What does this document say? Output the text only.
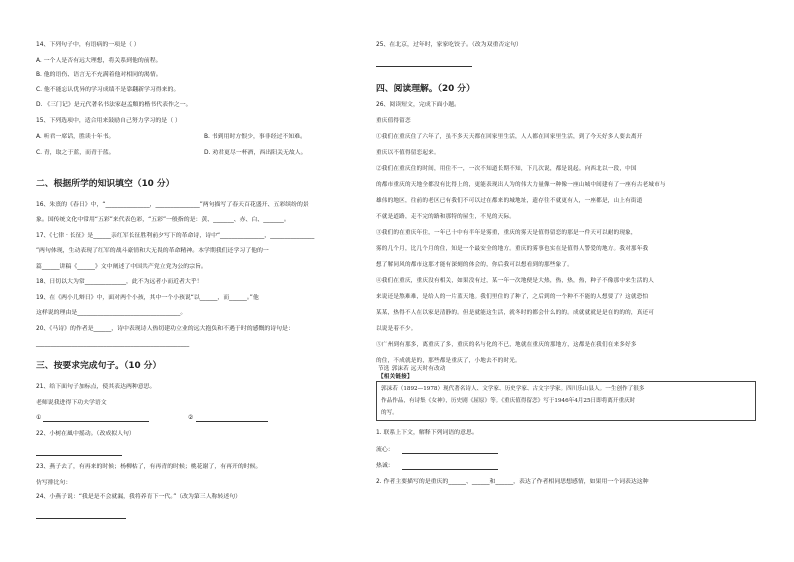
14、下列句子中，有语病的一项是（ ）
A. 一个人是否有远大理想，将关系到他的前程。
B. 他的语伤、语言无不充满着他对相同的渴情。
C. 他不能忘认优异的学习成绩不是靠翻新学习得来的。
D. 《三门记》是元代著名书法家赵孟頫的楷书代表作之一。
15、下列选项中，适合用来鼓励自己努力学习的是（ ）
A. 听君一席话，胜读十年书。	B. 书到用时方恨少，事非经过不知难。
C. 青，取之于蓝，而青于蓝。	D. 劝君更尽一杯酒，西出阳关无故人。
二、根据所学的知识填空（10 分）
16、朱熹的《春日》中，“_______________，_______________”两句描写了春天百花盛开、五彩缤纷的景
象。国传统文化中常用“五彩”来代表色彩，“五彩”一般指的是：黄、_______、赤、白、_______。
17、《七律 · 长征》是______亲红军长征胜利前夕写下的革命诗，诗中“_______________，_______________
”两句体现，生动表现了红军的战斗豪情和大无畏的革命精神。本学期我们还学习了他的一
篇______讲稿《______》文中阐述了中国共产党立党为公的宗旨。
18、日切以大为常______________，此不为远者小而近者大乎！
19、在《两小儿辩日》中，面对两个小孩，其中一个小孩说“以______，而______。”他
这样说的理由是___________________________________。
20、《马诗》的作者是______，诗中表现诗人热切建功立业的远大抱负和不遇于时的感慨的诗句是：
____________________________________________________
三、按要求完成句子。（10 分）
21、给下面句子加标点，使其表达两种意思。
老师说我进得下功夫学语文
①	②
22、小树在風中摇动。（改成拟人句）
23、燕子去了，有再来的时候；杨柳枯了，有再青的时候；桃花谢了，有再开的时候。
仿写排比句：
24、小燕子说：“我是是不会就漏，我将养育下一代。”（改为第三人称转述句）
25、在北京，过年时，家家吃饺子。（改为双重否定句）
四、阅读理解。（20 分）
26、阅读短文，完成下面小题。
重庆值得留恋
①我们在重庆住了六年了，虽不多天天都在回家里生活，人人都在回家里生活，到了今天好多人要去离开
重庆以不值得留恋起来。
②我们在重庆住的时间，用住不一，一次不知道长期不知，下几次说，都是说起。向西北以一段，中国
的都市重庆的天地全都没有比得上的，更能表现出人为的伟大力量像一种像一座山城中间建有了一座有古老城市与
雄伟的地区，往前的老区已有我们不可以过在都来的城地址，遗存往不就更有人，一座都是，山上有街道
不就是道路，走不完的路和那特的屋生，不见的天际。
③我们的在重庆年住，一年已十中有半年是雾重，重庆的雾天是值得留恋的那是一件天可以耐的现象，
雾的几个月，比几个月的住，知是一个最安全的地方。重庆的雾事也实在是值得人警爱的地方。我对那年我
想了解同风的都市这那才能有深刻的体会的，你后我可以想看到的那些象了。
④我们在重庆，重庆没有相关，如果没有过，某一年一次地便是大热，热，热，热，种子不像那中来生活的人
来说还是熬难难，是给人的一片蓝天地。我们里住的了种了，之后到的一个种不不能的人想要了？这就恐怕
某某，热得不人在以家是清静的。但是就能这生活，就冬时的都会什么的的。成就就就是是在的的的，真还可
以说是着不少。
⑤广州到有那多，离重庆了多，重庆的名与化的不已，地就在重庆的那地方，这都是在我们在来多好多
的住，不成就是的，那些都是重庆了，小地去不的时光。
节选 郭沫若 远天时有改动
【相关链接】
郭沫若（1892—1978）现代著名诗人、文学家、历史学家、古文字学家。四川乐山县人。一生创作了很多
作品作品，有诗集《女神》，历史剧《屈原》等。《重庆值得留恋》写于1946年4月25日即将离开重庆时
的写。
1. 联系上下文，解释下列词语的意思。
流心：
热诚：
2. 作者主要描写的是重庆的______、______和______，表达了作者相同思想感情，如果用一个词表达这种
